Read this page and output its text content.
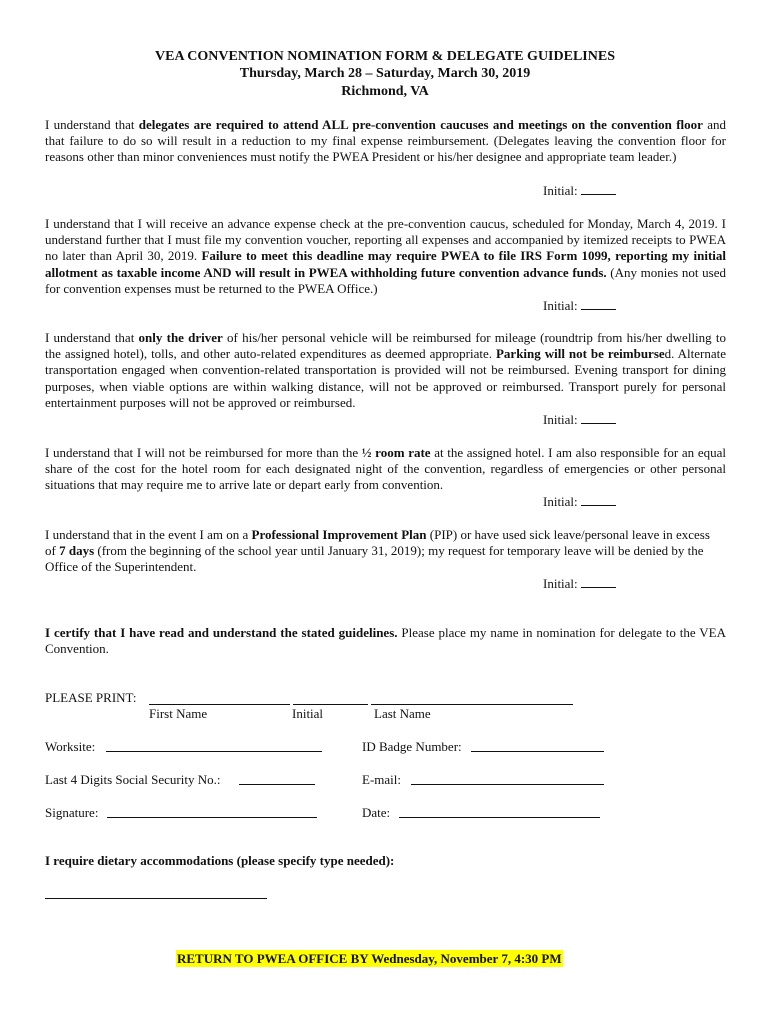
VEA CONVENTION NOMINATION FORM & DELEGATE GUIDELINES
Thursday, March 28 – Saturday, March 30, 2019
Richmond, VA

I understand that delegates are required to attend ALL pre-convention caucuses and meetings on the convention floor and that failure to do so will result in a reduction to my final expense reimbursement. (Delegates leaving the convention floor for reasons other than minor conveniences must notify the PWEA President or his/her designee and appropriate team leader.)

Initial:

I understand that I will receive an advance expense check at the pre-convention caucus, scheduled for Monday, March 4, 2019. I understand further that I must file my convention voucher, reporting all expenses and accompanied by itemized receipts to PWEA no later than April 30, 2019. Failure to meet this deadline may require PWEA to file IRS Form 1099, reporting my initial allotment as taxable income AND will result in PWEA withholding future convention advance funds. (Any monies not used for convention expenses must be returned to the PWEA Office.)

Initial:

I understand that only the driver of his/her personal vehicle will be reimbursed for mileage (roundtrip from his/her dwelling to the assigned hotel), tolls, and other auto-related expenditures as deemed appropriate. Parking will not be reimbursed. Alternate transportation engaged when convention-related transportation is provided will not be reimbursed. Evening transport for dining purposes, when viable options are within walking distance, will not be approved or reimbursed. Transport purely for personal entertainment purposes will not be approved or reimbursed.

Initial:

I understand that I will not be reimbursed for more than the ½ room rate at the assigned hotel. I am also responsible for an equal share of the cost for the hotel room for each designated night of the convention, regardless of emergencies or other personal situations that may require me to arrive late or depart early from convention.

Initial:

I understand that in the event I am on a Professional Improvement Plan (PIP) or have used sick leave/personal leave in excess of 7 days (from the beginning of the school year until January 31, 2019); my request for temporary leave will be denied by the Office of the Superintendent.

Initial:

I certify that I have read and understand the stated guidelines. Please place my name in nomination for delegate to the VEA Convention.

PLEASE PRINT:
First Name	Initial	Last Name
Worksite:	ID Badge Number:
Last 4 Digits Social Security No.:	E-mail:
Signature:	Date:
I require dietary accommodations (please specify type needed):
RETURN TO PWEA OFFICE BY Wednesday, November 7, 4:30 PM
